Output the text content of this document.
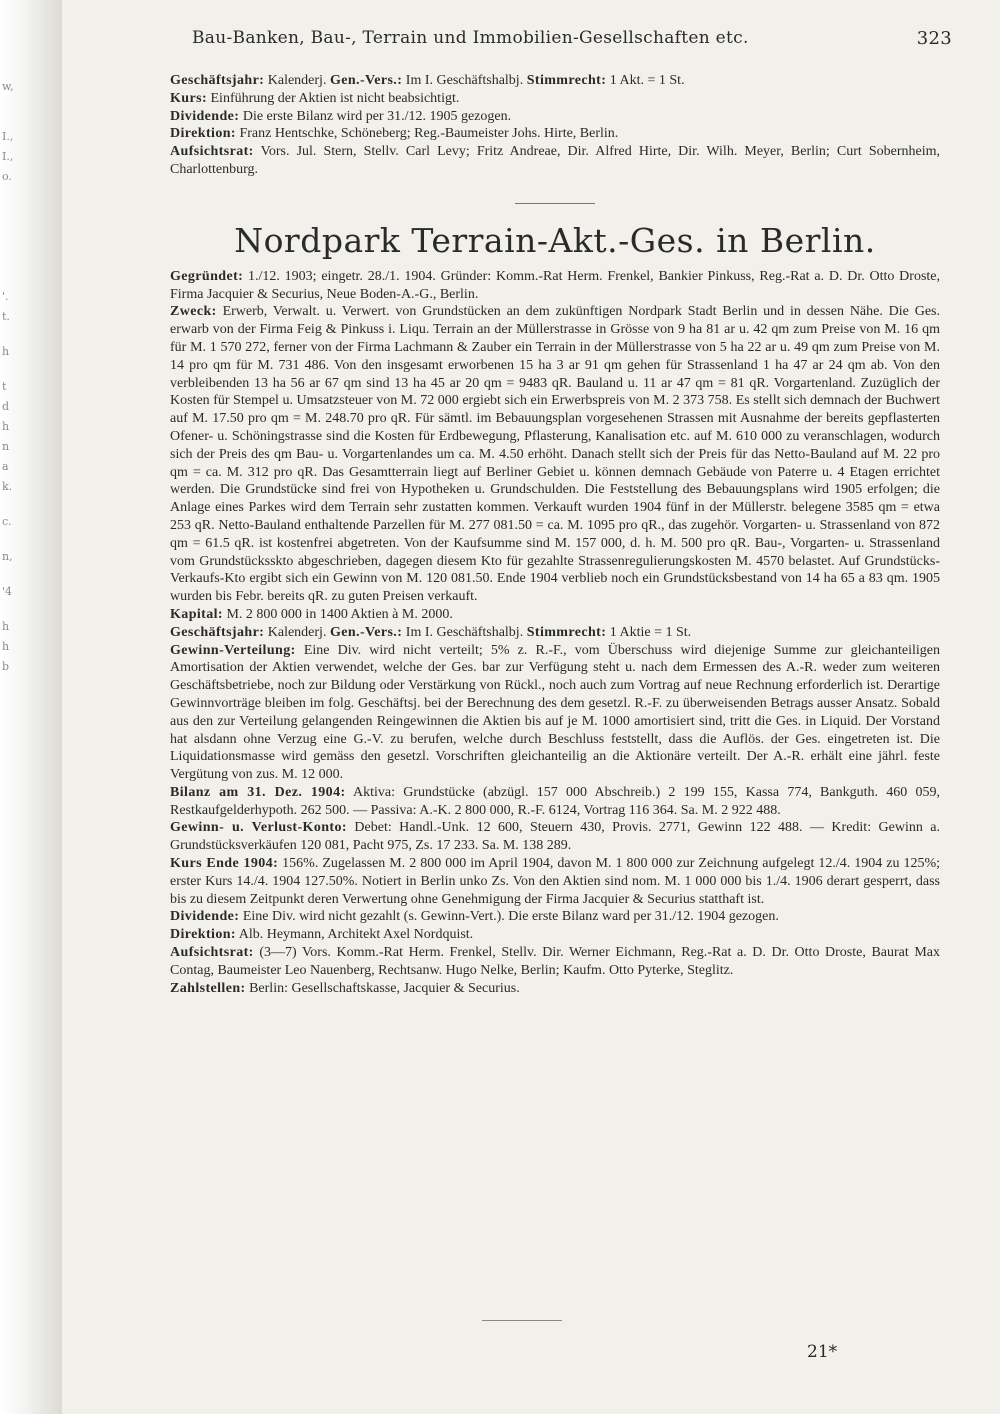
w,
I.,
I.,
o.
'.
t.
h
t
d
h
n
a
k.
c.
n,
'4
h
h
b
Bau-Banken, Bau-, Terrain und Immobilien-Gesellschaften etc.	323

Geschäftsjahr: Kalenderj. Gen.-Vers.: Im I. Geschäftshalbj. Stimmrecht: 1 Akt. = 1 St.

Kurs: Einführung der Aktien ist nicht beabsichtigt.

Dividende: Die erste Bilanz wird per 31./12. 1905 gezogen.

Direktion: Franz Hentschke, Schöneberg; Reg.-Baumeister Johs. Hirte, Berlin.

Aufsichtsrat: Vors. Jul. Stern, Stellv. Carl Levy; Fritz Andreae, Dir. Alfred Hirte, Dir. Wilh. Meyer, Berlin; Curt Sobernheim, Charlottenburg.

Nordpark Terrain-Akt.-Ges. in Berlin.

Gegründet: 1./12. 1903; eingetr. 28./1. 1904. Gründer: Komm.-Rat Herm. Frenkel, Bankier Pinkuss, Reg.-Rat a. D. Dr. Otto Droste, Firma Jacquier & Securius, Neue Boden-A.-G., Berlin.

Zweck: Erwerb, Verwalt. u. Verwert. von Grundstücken an dem zukünftigen Nordpark Stadt Berlin und in dessen Nähe. Die Ges. erwarb von der Firma Feig & Pinkuss i. Liqu. Terrain an der Müllerstrasse in Grösse von 9 ha 81 ar u. 42 qm zum Preise von M. 16 qm für M. 1 570 272, ferner von der Firma Lachmann & Zauber ein Terrain in der Müllerstrasse von 5 ha 22 ar u. 49 qm zum Preise von M. 14 pro qm für M. 731 486. Von den insgesamt erworbenen 15 ha 3 ar 91 qm gehen für Strassenland 1 ha 47 ar 24 qm ab. Von den verbleibenden 13 ha 56 ar 67 qm sind 13 ha 45 ar 20 qm = 9483 qR. Bauland u. 11 ar 47 qm = 81 qR. Vorgartenland. Zuzüglich der Kosten für Stempel u. Umsatzsteuer von M. 72 000 ergiebt sich ein Erwerbspreis von M. 2 373 758. Es stellt sich demnach der Buchwert auf M. 17.50 pro qm = M. 248.70 pro qR. Für sämtl. im Bebauungsplan vorgesehenen Strassen mit Ausnahme der bereits gepflasterten Ofener- u. Schöningstrasse sind die Kosten für Erdbewegung, Pflasterung, Kanalisation etc. auf M. 610 000 zu veranschlagen, wodurch sich der Preis des qm Bau- u. Vorgartenlandes um ca. M. 4.50 erhöht. Danach stellt sich der Preis für das Netto-Bauland auf M. 22 pro qm = ca. M. 312 pro qR. Das Gesamtterrain liegt auf Berliner Gebiet u. können demnach Gebäude von Paterre u. 4 Etagen errichtet werden. Die Grundstücke sind frei von Hypotheken u. Grundschulden. Die Feststellung des Bebauungsplans wird 1905 erfolgen; die Anlage eines Parkes wird dem Terrain sehr zustatten kommen. Verkauft wurden 1904 fünf in der Müllerstr. belegene 3585 qm = etwa 253 qR. Netto-Bauland enthaltende Parzellen für M. 277 081.50 = ca. M. 1095 pro qR., das zugehör. Vorgarten- u. Strassenland von 872 qm = 61.5 qR. ist kostenfrei abgetreten. Von der Kaufsumme sind M. 157 000, d. h. M. 500 pro qR. Bau-, Vorgarten- u. Strassenland vom Grundstücksskto abgeschrieben, dagegen diesem Kto für gezahlte Strassenregulierungskosten M. 4570 belastet. Auf Grundstücks-Verkaufs-Kto ergibt sich ein Gewinn von M. 120 081.50. Ende 1904 verblieb noch ein Grundstücksbestand von 14 ha 65 a 83 qm. 1905 wurden bis Febr. bereits qR. zu guten Preisen verkauft.

Kapital: M. 2 800 000 in 1400 Aktien à M. 2000.

Geschäftsjahr: Kalenderj. Gen.-Vers.: Im I. Geschäftshalbj. Stimmrecht: 1 Aktie = 1 St.

Gewinn-Verteilung: Eine Div. wird nicht verteilt; 5% z. R.-F., vom Überschuss wird diejenige Summe zur gleichanteiligen Amortisation der Aktien verwendet, welche der Ges. bar zur Verfügung steht u. nach dem Ermessen des A.-R. weder zum weiteren Geschäftsbetriebe, noch zur Bildung oder Verstärkung von Rückl., noch auch zum Vortrag auf neue Rechnung erforderlich ist. Derartige Gewinnvorträge bleiben im folg. Geschäftsj. bei der Berechnung des dem gesetzl. R.-F. zu überweisenden Betrags ausser Ansatz. Sobald aus den zur Verteilung gelangenden Reingewinnen die Aktien bis auf je M. 1000 amortisiert sind, tritt die Ges. in Liquid. Der Vorstand hat alsdann ohne Verzug eine G.-V. zu berufen, welche durch Beschluss feststellt, dass die Auflös. der Ges. eingetreten ist. Die Liquidationsmasse wird gemäss den gesetzl. Vorschriften gleichanteilig an die Aktionäre verteilt. Der A.-R. erhält eine jährl. feste Vergütung von zus. M. 12 000.

Bilanz am 31. Dez. 1904: Aktiva: Grundstücke (abzügl. 157 000 Abschreib.) 2 199 155, Kassa 774, Bankguth. 460 059, Restkaufgelderhypoth. 262 500. — Passiva: A.-K. 2 800 000, R.-F. 6124, Vortrag 116 364. Sa. M. 2 922 488.

Gewinn- u. Verlust-Konto: Debet: Handl.-Unk. 12 600, Steuern 430, Provis. 2771, Gewinn 122 488. — Kredit: Gewinn a. Grundstücksverkäufen 120 081, Pacht 975, Zs. 17 233. Sa. M. 138 289.

Kurs Ende 1904: 156%. Zugelassen M. 2 800 000 im April 1904, davon M. 1 800 000 zur Zeichnung aufgelegt 12./4. 1904 zu 125%; erster Kurs 14./4. 1904 127.50%. Notiert in Berlin unko Zs. Von den Aktien sind nom. M. 1 000 000 bis 1./4. 1906 derart gesperrt, dass bis zu diesem Zeitpunkt deren Verwertung ohne Genehmigung der Firma Jacquier & Securius statthaft ist.

Dividende: Eine Div. wird nicht gezahlt (s. Gewinn-Vert.). Die erste Bilanz ward per 31./12. 1904 gezogen.

Direktion: Alb. Heymann, Architekt Axel Nordquist.

Aufsichtsrat: (3—7) Vors. Komm.-Rat Herm. Frenkel, Stellv. Dir. Werner Eichmann, Reg.-Rat a. D. Dr. Otto Droste, Baurat Max Contag, Baumeister Leo Nauenberg, Rechtsanw. Hugo Nelke, Berlin; Kaufm. Otto Pyterke, Steglitz.

Zahlstellen: Berlin: Gesellschaftskasse, Jacquier & Securius.

21*
